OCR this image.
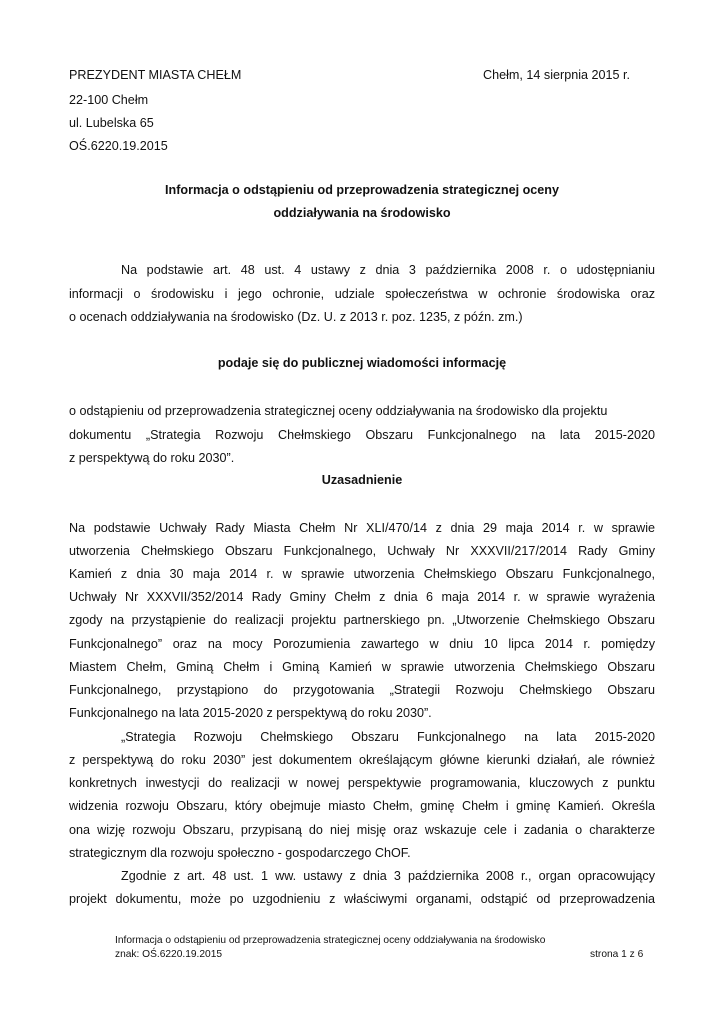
PREZYDENT MIASTA CHEŁM	Chełm, 14 sierpnia 2015 r.
22-100 Chełm
ul. Lubelska 65
OŚ.6220.19.2015
Informacja o odstąpieniu od przeprowadzenia strategicznej oceny
oddziaływania na środowisko
Na podstawie art. 48 ust. 4 ustawy z dnia 3 października 2008 r. o udostępnianiu
informacji o środowisku i jego ochronie, udziale społeczeństwa w ochronie środowiska oraz
o ocenach oddziaływania na środowisko (Dz. U. z 2013 r. poz. 1235, z późn. zm.)
podaje się do publicznej wiadomości informację
o odstąpieniu od przeprowadzenia strategicznej oceny oddziaływania na środowisko dla projektu
dokumentu „Strategia Rozwoju Chełmskiego Obszaru Funkcjonalnego na lata 2015-2020
z perspektywą do roku 2030”.
Uzasadnienie
Na podstawie Uchwały Rady Miasta Chełm Nr XLI/470/14 z dnia 29 maja 2014 r. w sprawie
utworzenia Chełmskiego Obszaru Funkcjonalnego, Uchwały Nr XXXVII/217/2014 Rady Gminy
Kamień z dnia 30 maja 2014 r. w sprawie utworzenia Chełmskiego Obszaru Funkcjonalnego,
Uchwały Nr XXXVII/352/2014 Rady Gminy Chełm z dnia 6 maja 2014 r. w sprawie wyrażenia
zgody na przystąpienie do realizacji projektu partnerskiego pn. „Utworzenie Chełmskiego Obszaru
Funkcjonalnego” oraz na mocy Porozumienia zawartego w dniu 10 lipca 2014 r. pomiędzy
Miastem Chełm, Gminą Chełm i Gminą Kamień w sprawie utworzenia Chełmskiego Obszaru
Funkcjonalnego, przystąpiono do przygotowania „Strategii Rozwoju Chełmskiego Obszaru
Funkcjonalnego na lata 2015-2020 z perspektywą do roku 2030”.
„Strategia Rozwoju Chełmskiego Obszaru Funkcjonalnego na lata 2015-2020
z perspektywą do roku 2030” jest dokumentem określającym główne kierunki działań, ale również
konkretnych inwestycji do realizacji w nowej perspektywie programowania, kluczowych z punktu
widzenia rozwoju Obszaru, który obejmuje miasto Chełm, gminę Chełm i gminę Kamień. Określa
ona wizję rozwoju Obszaru, przypisaną do niej misję oraz wskazuje cele i zadania o charakterze
strategicznym dla rozwoju społeczno - gospodarczego ChOF.
Zgodnie z art. 48 ust. 1 ww. ustawy z dnia 3 października 2008 r., organ opracowujący
projekt dokumentu, może po uzgodnieniu z właściwymi organami, odstąpić od przeprowadzenia
Informacja o odstąpieniu od przeprowadzenia strategicznej oceny oddziaływania na środowisko
znak: OŚ.6220.19.2015	strona 1 z 6
